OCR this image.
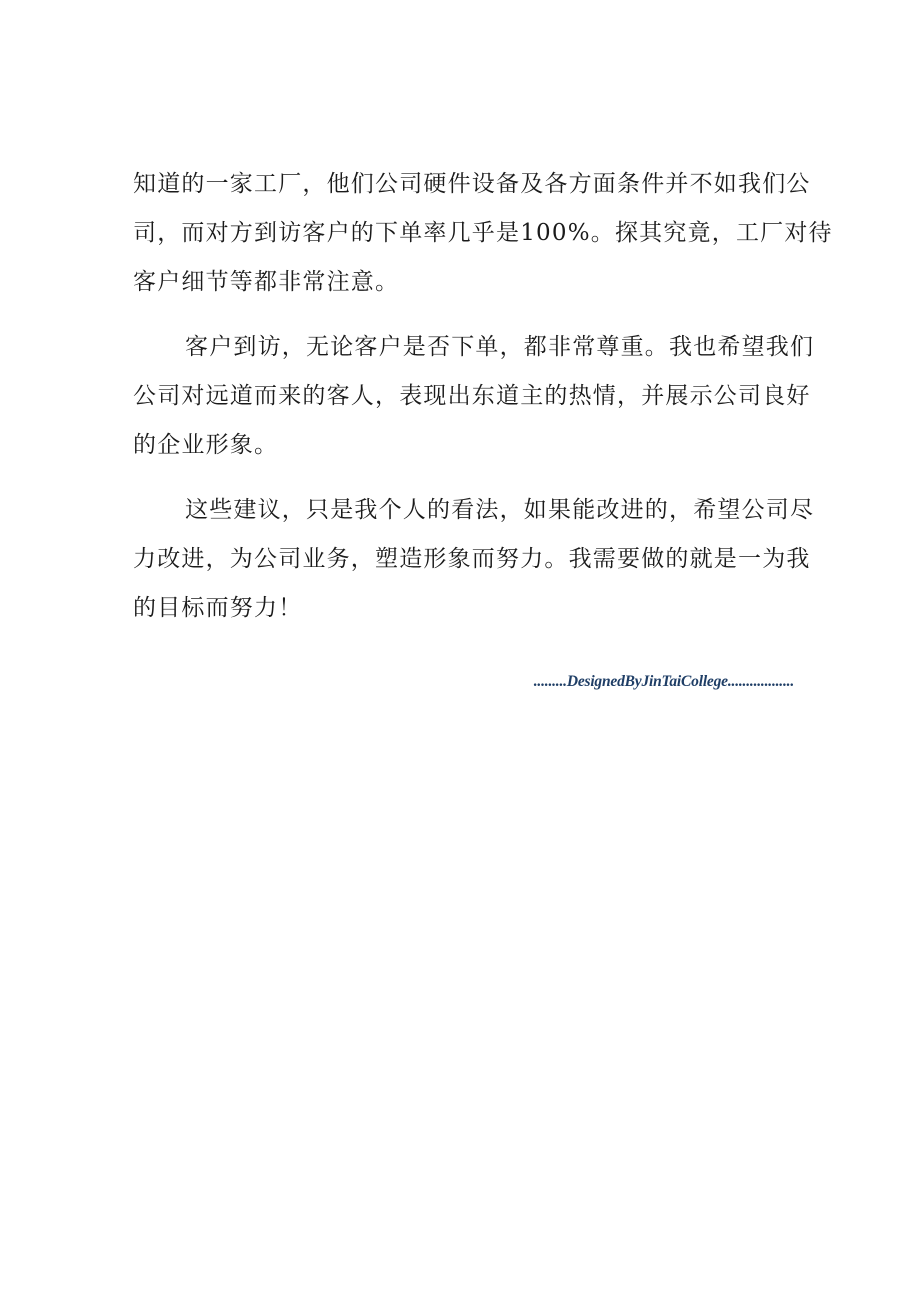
知道的一家工厂，他们公司硬件设备及各方面条件并不如我们公
司，而对方到访客户的下单率几乎是100%。探其究竟，工厂对待
客户细节等都非常注意。

客户到访，无论客户是否下单，都非常尊重。我也希望我们
公司对远道而来的客人，表现出东道主的热情，并展示公司良好
的企业形象。

这些建议，只是我个人的看法，如果能改进的，希望公司尽
力改进，为公司业务，塑造形象而努力。我需要做的就是一为我
的目标而努力！

.........DesignedByJinTaiCollege..................
